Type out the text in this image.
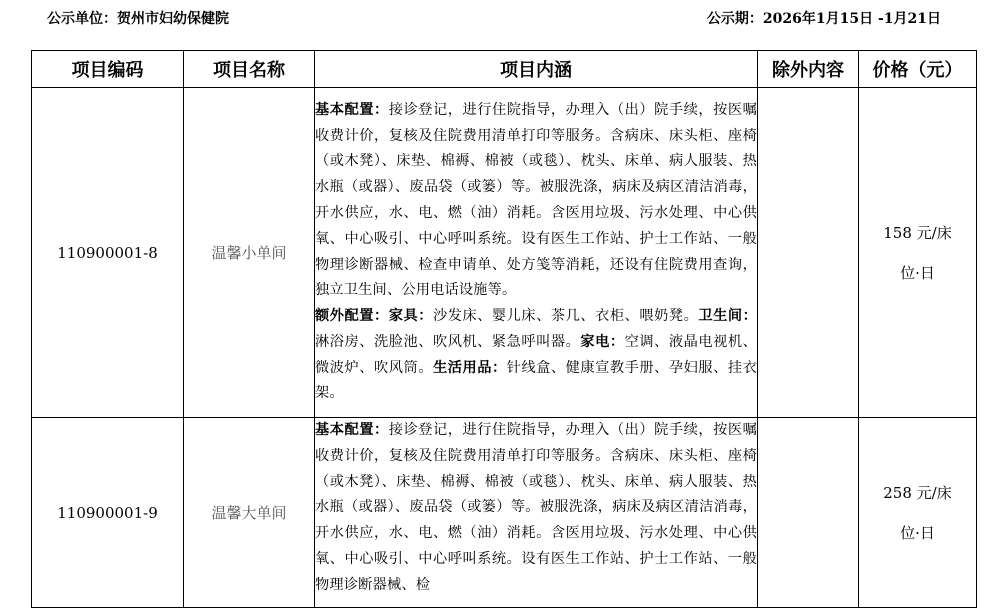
公示单位：贺州市妇幼保健院	公示期：2026年1月15日 -1月21日
项目编码	项目名称	项目内涵	除外内容	价格（元）
110900001-8	温馨小单间	基本配置：接诊登记，进行住院指导，办理入（出）院手续，按医嘱收费计价，复核及住院费用清单打印等服务。含病床、床头柜、座椅（或木凳）、床垫、棉褥、棉被（或毯）、枕头、床单、病人服装、热水瓶（或器）、废品袋（或篓）等。被服洗涤，病床及病区清洁消毒，开水供应，水、电、燃（油）消耗。含医用垃圾、污水处理、中心供氧、中心吸引、中心呼叫系统。设有医生工作站、护士工作站、一般物理诊断器械、检查申请单、处方笺等消耗，还设有住院费用查询，独立卫生间、公用电话设施等。
额外配置：家具：沙发床、婴儿床、茶几、衣柜、喂奶凳。卫生间：淋浴房、洗脸池、吹风机、紧急呼叫器。家电：空调、液晶电视机、微波炉、吹风筒。生活用品：针线盒、健康宣教手册、孕妇服、挂衣架。		158 元/床
位·日
110900001-9	温馨大单间	基本配置：接诊登记，进行住院指导，办理入（出）院手续，按医嘱收费计价，复核及住院费用清单打印等服务。含病床、床头柜、座椅（或木凳）、床垫、棉褥、棉被（或毯）、枕头、床单、病人服装、热水瓶（或器）、废品袋（或篓）等。被服洗涤，病床及病区清洁消毒，开水供应，水、电、燃（油）消耗。含医用垃圾、污水处理、中心供氧、中心吸引、中心呼叫系统。设有医生工作站、护士工作站、一般物理诊断器械、检		258 元/床
位·日
